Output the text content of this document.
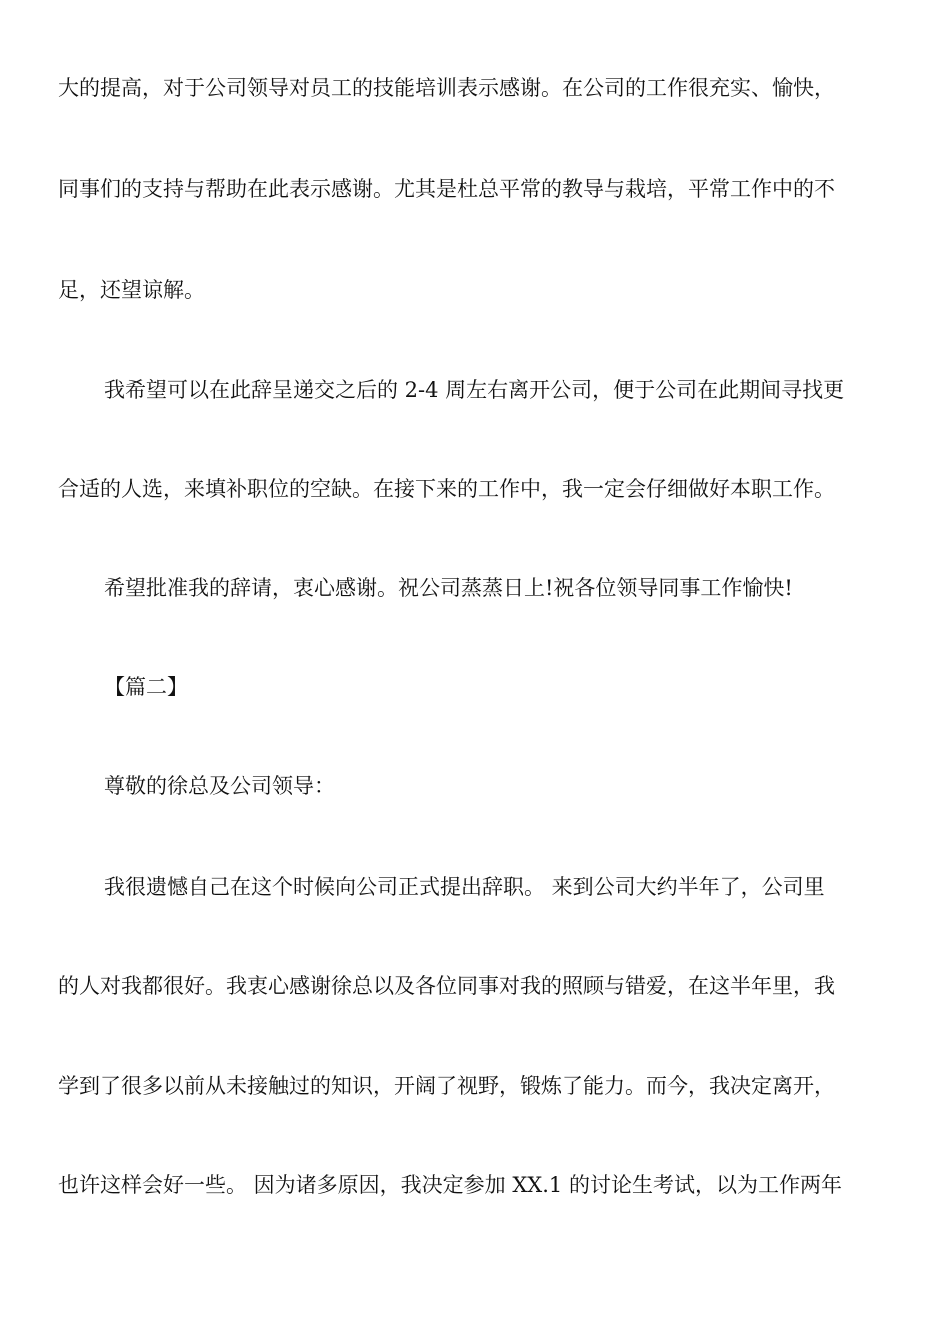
大的提高，对于公司领导对员工的技能培训表示感谢。在公司的工作很充实、愉快，

同事们的支持与帮助在此表示感谢。尤其是杜总平常的教导与栽培，平常工作中的不

足，还望谅解。

我希望可以在此辞呈递交之后的 2-4 周左右离开公司，便于公司在此期间寻找更

合适的人选，来填补职位的空缺。在接下来的工作中，我一定会仔细做好本职工作。

希望批准我的辞请，衷心感谢。祝公司蒸蒸日上!祝各位领导同事工作愉快!

【篇二】

尊敬的徐总及公司领导：

我很遗憾自己在这个时候向公司正式提出辞职。 来到公司大约半年了，公司里

的人对我都很好。我衷心感谢徐总以及各位同事对我的照顾与错爱，在这半年里，我

学到了很多以前从未接触过的知识，开阔了视野，锻炼了能力。而今，我决定离开，

也许这样会好一些。 因为诸多原因，我决定参加 XX.1 的讨论生考试，以为工作两年
